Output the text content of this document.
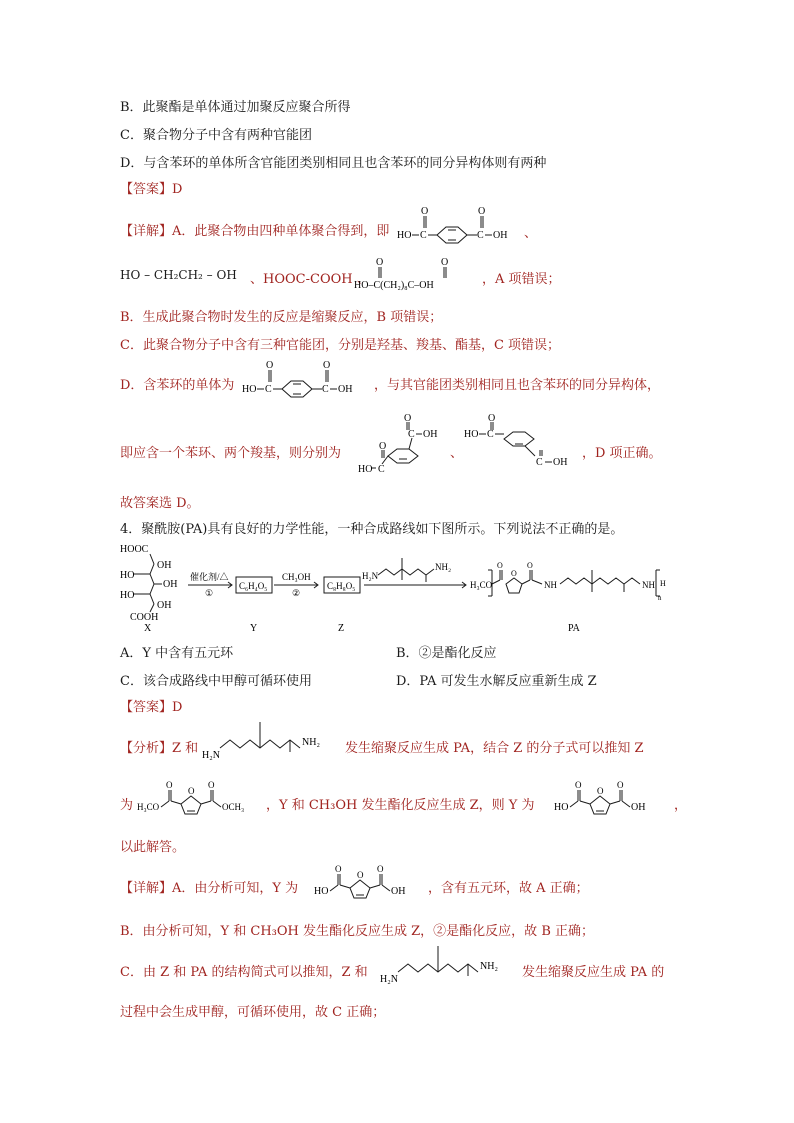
B．此聚酯是单体通过加聚反应聚合所得
C．聚合物分子中含有两种官能团
D．与含苯环的单体所含官能团类别相同且也含苯环的同分异构体则有两种
【答案】D
【详解】A．此聚合物由四种单体聚合得到，即 HO C
O
C
O
OH 、
HO – CH₂CH₂ – OH 、HOOC-COOH 、
HO–C(CH₂)₈C–OH
O	O
，A 项错误；
B．生成此聚合物时发生的反应是缩聚反应，B 项错误；
C．此聚合物分子中含有三种官能团，分别是羟基、羧基、酯基，C 项错误；
D．含苯环的单体为 HO C
O
C
O
OH ，与其官能团类别相同且也含苯环的同分异构体，
即应含一个苯环、两个羧基，则分别为
C
O
OH
C
O
HO
、
HO C
O
C OH
，D 项正确。
故答案选 D。
4．聚酰胺(PA)具有良好的力学性能，一种合成路线如下图所示。下列说法不正确的是。
HOOC
OH
HO
OH
HO
OH
COOH
X
催化剂/△
①
C₆H₄O₅
Y
CH₃OH
②
C₈H₈O₅
Z
H₂N
NH₂
H₃CO
O
O
O
NH	NH H
n
PA
A．Y 中含有五元环	B．②是酯化反应
C．该合成路线中甲醇可循环使用	D．PA 可发生水解反应重新生成 Z
【答案】D
【分析】Z 和 H₂N
NH₂ 发生缩聚反应生成 PA，结合 Z 的分子式可以推知 Z
为 H₃CO
O
O
O
OCH₃ ，Y 和 CH₃OH 发生酯化反应生成 Z，则 Y 为 HO
O
O
O
OH ，
以此解答。
【详解】A．由分析可知，Y 为 HO
O
O
O
OH ，含有五元环，故 A 正确；
B．由分析可知，Y 和 CH₃OH 发生酯化反应生成 Z，②是酯化反应，故 B 正确；
C．由 Z 和 PA 的结构简式可以推知，Z 和 H₂N
NH₂ 发生缩聚反应生成 PA 的
过程中会生成甲醇，可循环使用，故 C 正确；
